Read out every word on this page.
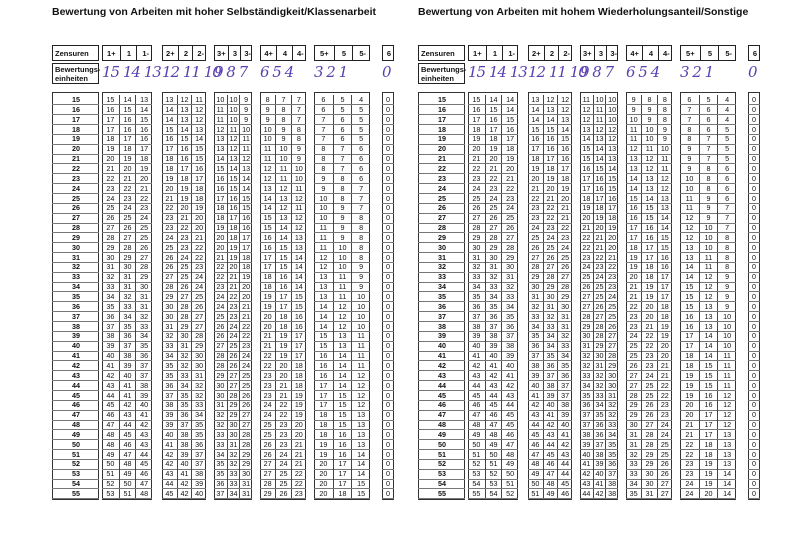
Bewertung von Arbeiten mit hoher Selbständigkeit/Klassenarbeit
Zensuren
Bewertungs-einheiten
1+	1	1-
15 14 13
2+	2	2-
12 11 10
3+ 3 3-
9 8 7
4+	4	4-
6 5 4
5+	5	5-
3 2 1
6
0
15	15	14	13	13 12 11	10 10 9	8	7	7	6	5	4	0
16	16	15	14	14 13 12	11 10 9	9	8	7	6	5	5	0
17	17	16	15	14 13 12	11 10 9	9	8	7	7	6	5	0
18	17	16	16	15 14 13	12 11 10	10	9	8	7	6	5	0
19	18	17	16	16 15 14	13 12 11	10	9	8	7	6	5	0
20	19	18	17	17 16 15	13 12 11	11	10	9	8	7	6	0
21	20	19	18	18 16 15	14 13 12	11	10	9	8	7	6	0
22	21	20	19	18 17 16	15 14 13	12	11	10	8	7	6	0
23	22	21	20	19 18 17	16 15 14	12	11	10	9	8	6	0
24	23	22	21	20 19 18	16 15 14	13	12	11	9	8	7	0
25	24	23	22	21 19 18	17 16 15	14	13	12	10	8	7	0
26	25	24	23	22 20 19	18 16 15	14	12	11	10	9	7	0
27	26	25	24	23 21 20	18 17 16	15	13	12	10	9	8	0
28	27	26	25	23 22 20	19 18 16	15	14	12	11	9	8	0
29	28	27	25	24 23 21	20 18 17	16	14	13	11	9	8	0
30	29	28	26	25 23 22	20 19 17	16	15	13	11	10	8	0
31	30	29	27	26 24 22	21 19 18	17	15	14	12	10	8	0
32	31	30	28	26 25 23	22 20 18	17	15	14	12	10	9	0
33	32	31	29	27 25 24	22 21 19	18	16	14	13	11	9	0
34	33	31	30	28 26 24	23 21 20	18	16	14	13	11	9	0
35	34	32	31	29 27 25	24 22 20	19	17	15	13	11	10	0
36	35	33	31	30 28 26	24 23 21	19	17	15	14	12	10	0
37	36	34	32	30 28 27	25 23 21	20	18	16	14	12	10	0
38	37	35	33	31 29 27	26 24 22	20	18	16	14	12	10	0
39	38	36	34	32 30 28	26 24 22	21	19	17	15	13	11	0
40	39	37	35	33 31 29	27 25 23	21	19	17	15	13	11	0
41	40	38	36	34 32 30	28 26 24	22	19	17	16	14	11	0
42	41	39	37	35 32 30	28 26 24	22	20	18	16	14	11	0
43	42	40	37	35 33 31	29 27 25	23	20	18	16	14	12	0
44	43	41	38	36 34 32	30 27 25	23	21	18	17	14	12	0
45	44	41	39	37 35 32	30 28 26	23	21	19	17	15	12	0
46	45	42	40	38 35 33	31 29 26	24	22	19	17	15	12	0
47	46	43	41	39 36 34	32 29 27	24	22	19	18	15	13	0
48	47	44	42	39 37 35	32 30 27	25	23	20	18	15	13	0
49	48	45	43	40 38 35	33 30 28	25	23	20	18	16	13	0
50	48	46	43	41 38 36	33 31 28	26	23	21	19	16	13	0
51	49	47	44	42 39 37	34 32 29	26	24	21	19	16	14	0
52	50	48	45	42 40 37	35 32 29	27	24	21	20	17	14	0
53	51	49	46	43 41 38	35 33 30	27	25	22	20	17	14	0
54	52	50	47	44 42 39	36 33 31	28	25	22	20	17	15	0
55	53	51	48	45 42 40	37 34 31	29	26	23	20	18	15	0
Bewertung von Arbeiten mit hohem Wiederholungsanteil/Sonstige
Zensuren
Bewertungs-einheiten
1+	1	1-
15 14 13
2+	2	2-
12 11 10
3+ 3 3-
9 8 7
4+	4	4-
6 5 4
5+	5	5-
3 2 1
6
0
15	15	14	14	13 12 12	11 10 10	9	8	8	6	5	4	0
16	16	15	14	14 13 12	12 11 10	9	9	8	7	6	4	0
17	17	16	15	14 14 13	12 11 10	10	9	8	7	6	4	0
18	18	17	16	15 15 14	13 12 12	11	10	9	8	6	5	0
19	19	18	17	16 16 15	14 13 12	11	10	9	8	7	5	0
20	20	19	18	17 16 16	15 14 13	12	11	10	9	7	5	0
21	21	20	19	18 17 16	15 14 13	13	12	11	9	7	5	0
22	22	21	20	19 18 17	16 15 14	13	12	11	9	8	6	0
23	23	22	21	20 19 18	17 16 15	14	13	12	10	8	6	0
24	24	23	22	21 20 19	17 16 15	14	13	12	10	8	6	0
25	25	24	23	22 21 20	18 17 16	15	14	13	11	9	6	0
26	26	25	24	23 22 21	19 18 17	16	15	13	11	9	7	0
27	27	26	25	23 22 21	20 19 18	16	15	14	12	9	7	0
28	28	27	26	24 23 22	21 20 19	17	16	14	12	10	7	0
29	29	28	27	25 24 23	22 21 20	17	16	15	12	10	8	0
30	30	29	28	26 25 24	22 21 20	18	17	15	13	10	8	0
31	31	30	29	27 26 25	23 22 21	19	17	16	13	11	8	0
32	32	31	30	28 27 26	24 23 22	19	18	16	14	11	8	0
33	33	32	31	29 28 27	25 24 23	20	18	17	14	12	9	0
34	34	33	32	30 29 28	26 25 23	21	19	17	15	12	9	0
35	35	34	33	31 30 29	27 25 24	21	19	17	15	12	9	0
36	36	35	34	32 31 30	27 26 25	22	20	18	15	13	9	0
37	37	36	35	33 32 31	28 27 25	23	20	18	16	13	10	0
38	38	37	36	34 33 31	29 28 26	23	21	19	16	13	10	0
39	39	38	37	35 34 32	30 28 27	24	22	19	17	14	10	0
40	40	39	38	36 34 33	31 29 27	25	22	20	17	14	10	0
41	41	40	39	37 35 34	32 30 28	25	23	20	18	14	11	0
42	42	41	40	38 36 35	32 31 29	26	23	21	18	15	11	0
43	43	42	41	39 37 36	33 32 30	27	24	21	19	15	11	0
44	44	43	42	40 38 37	34 32 30	27	25	22	19	15	11	0
45	45	44	43	41 39 37	35 33 31	28	25	22	19	16	12	0
46	46	45	44	42 40 38	36 34 32	29	26	23	20	16	12	0
47	47	46	45	43 41 39	37 35 32	29	26	23	20	17	12	0
48	48	47	45	44 42 40	37 36 33	30	27	24	21	17	12	0
49	49	48	46	45 43 41	38 36 34	31	28	24	21	17	13	0
50	50	49	47	46 44 42	39 37 35	31	28	25	22	18	13	0
51	51	50	48	47 45 43	40 38 35	32	29	25	22	18	13	0
52	52	51	49	48 46 44	41 39 36	33	29	26	23	19	13	0
53	53	52	50	49 47 44	42 40 37	33	30	26	23	19	14	0
54	54	53	51	50 48 45	43 41 38	34	30	27	24	19	14	0
55	55	54	52	51 49 46	44 42 38	35	31	27	24	20	14	0
